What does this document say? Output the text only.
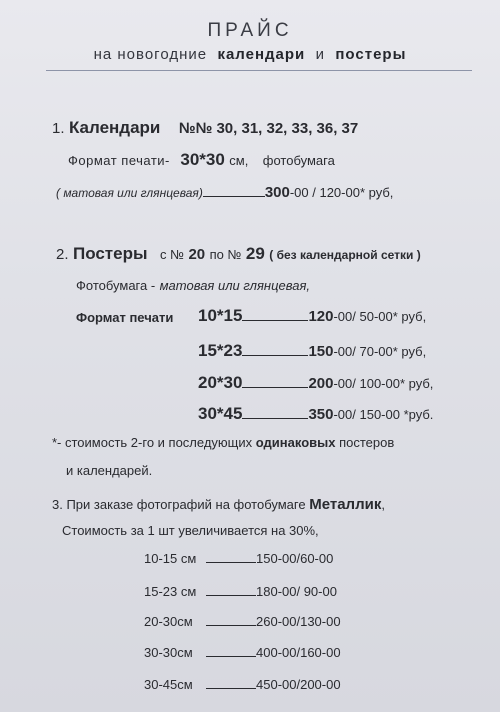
ПРАЙС
на новогодние календари и постеры
1. Календари №№ 30, 31, 32, 33, 36, 37
Формат печати- 30*30 см, фотобумага
( матовая или глянцевая)	300-00 / 120-00* руб,
2. Постеры с № 20 по № 29 ( без календарной сетки )
Фотобумага - матовая или глянцевая,
Формат печати 10*15	120-00/ 50-00* руб,
15*23	150-00/ 70-00* руб,
20*30	200-00/ 100-00* руб,
30*45	350-00/ 150-00 *руб.
*- стоимость 2-го и последующих одинаковых постеров
и календарей.
3. При заказе фотографий на фотобумаге Металлик,
Стоимость за 1 шт увеличивается на 30%,
10-15 см	150-00/60-00
15-23 см	180-00/ 90-00
20-30см	260-00/130-00
30-30см	400-00/160-00
30-45см	450-00/200-00
